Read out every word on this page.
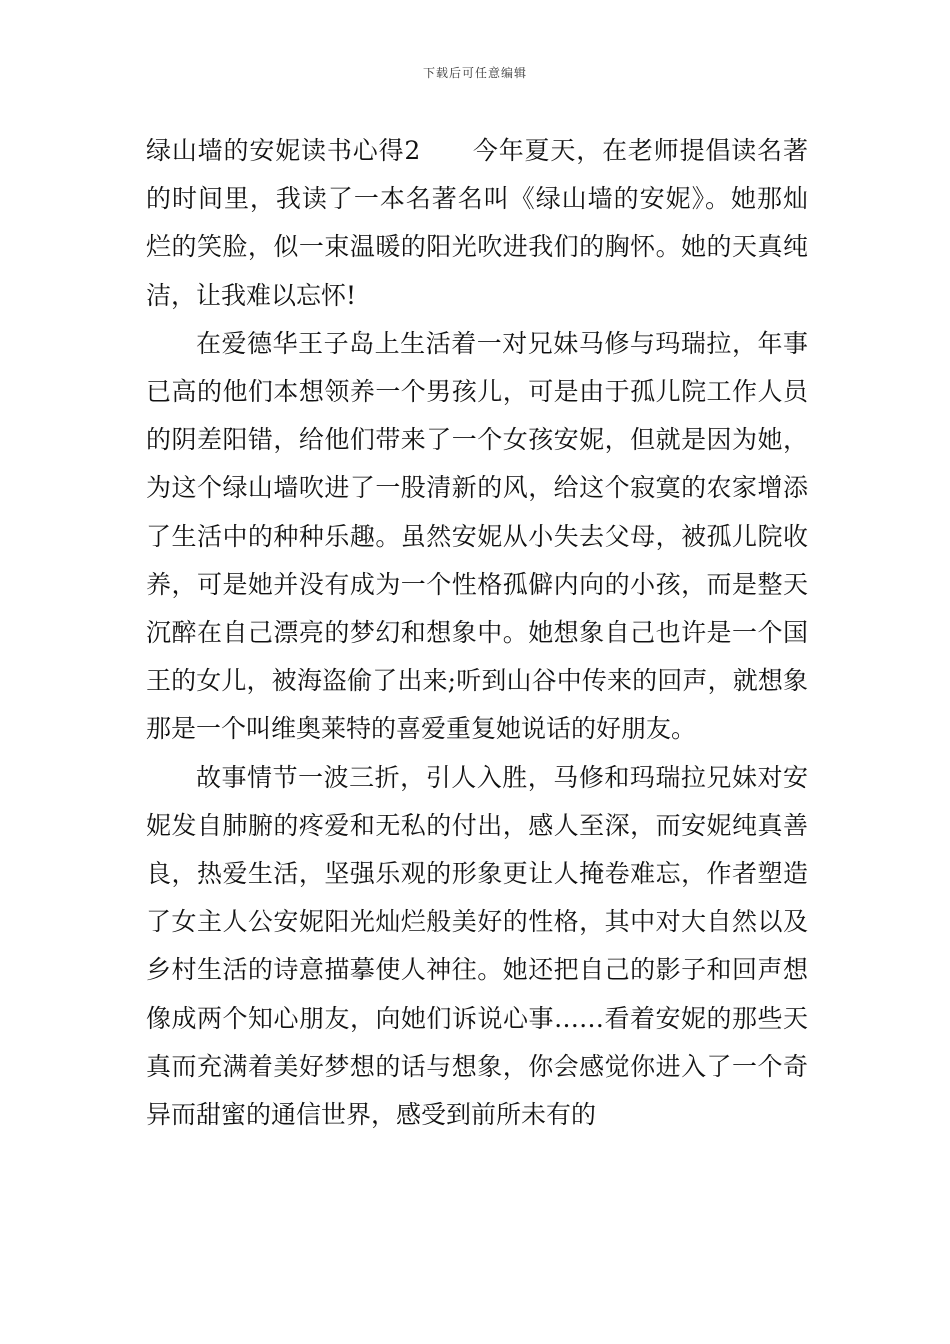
下载后可任意编辑

绿山墙的安妮读书心得2　　今年夏天，在老师提倡读名著的时间里，我读了一本名著名叫《绿山墙的安妮》。她那灿烂的笑脸，似一束温暖的阳光吹进我们的胸怀。她的天真纯洁，让我难以忘怀!

在爱德华王子岛上生活着一对兄妹马修与玛瑞拉，年事已高的他们本想领养一个男孩儿，可是由于孤儿院工作人员的阴差阳错，给他们带来了一个女孩安妮，但就是因为她，为这个绿山墙吹进了一股清新的风，给这个寂寞的农家增添了生活中的种种乐趣。虽然安妮从小失去父母，被孤儿院收养，可是她并没有成为一个性格孤僻内向的小孩，而是整天沉醉在自己漂亮的梦幻和想象中。她想象自己也许是一个国王的女儿，被海盗偷了出来;听到山谷中传来的回声，就想象那是一个叫维奥莱特的喜爱重复她说话的好朋友。

故事情节一波三折，引人入胜，马修和玛瑞拉兄妹对安妮发自肺腑的疼爱和无私的付出，感人至深，而安妮纯真善良，热爱生活，坚强乐观的形象更让人掩卷难忘，作者塑造了女主人公安妮阳光灿烂般美好的性格，其中对大自然以及乡村生活的诗意描摹使人神往。她还把自己的影子和回声想像成两个知心朋友，向她们诉说心事……看着安妮的那些天真而充满着美好梦想的话与想象，你会感觉你进入了一个奇异而甜蜜的通信世界，感受到前所未有的
